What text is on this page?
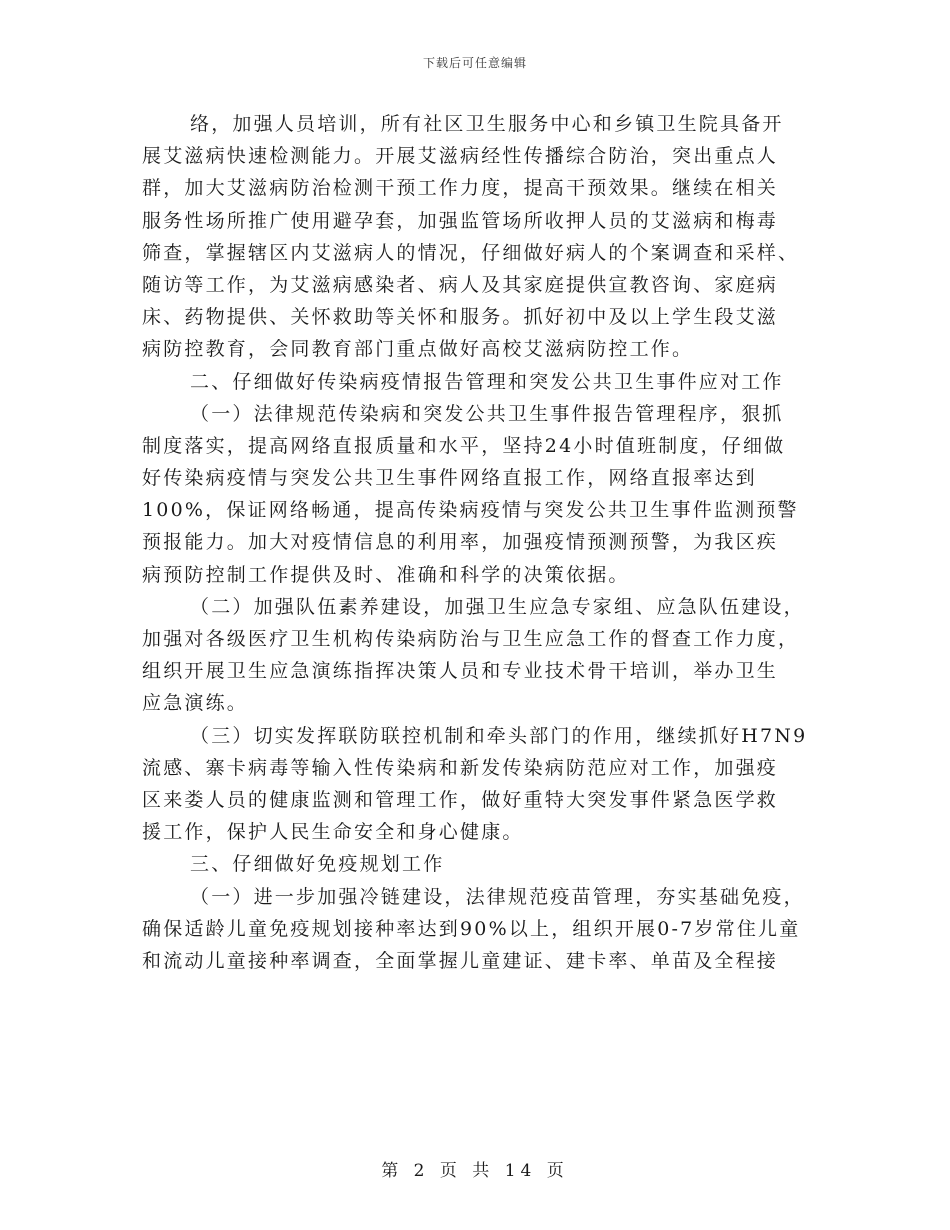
下载后可任意编辑
络，加强人员培训，所有社区卫生服务中心和乡镇卫生院具备开
展艾滋病快速检测能力。开展艾滋病经性传播综合防治，突出重点人
群，加大艾滋病防治检测干预工作力度，提高干预效果。继续在相关
服务性场所推广使用避孕套，加强监管场所收押人员的艾滋病和梅毒
筛查，掌握辖区内艾滋病人的情况，仔细做好病人的个案调查和采样、
随访等工作，为艾滋病感染者、病人及其家庭提供宣教咨询、家庭病
床、药物提供、关怀救助等关怀和服务。抓好初中及以上学生段艾滋
病防控教育，会同教育部门重点做好高校艾滋病防控工作。
二、仔细做好传染病疫情报告管理和突发公共卫生事件应对工作
（一）法律规范传染病和突发公共卫生事件报告管理程序，狠抓
制度落实，提高网络直报质量和水平，坚持24小时值班制度，仔细做
好传染病疫情与突发公共卫生事件网络直报工作，网络直报率达到
100%，保证网络畅通，提高传染病疫情与突发公共卫生事件监测预警
预报能力。加大对疫情信息的利用率，加强疫情预测预警，为我区疾
病预防控制工作提供及时、准确和科学的决策依据。
（二）加强队伍素养建设，加强卫生应急专家组、应急队伍建设，
加强对各级医疗卫生机构传染病防治与卫生应急工作的督查工作力度，
组织开展卫生应急演练指挥决策人员和专业技术骨干培训，举办卫生
应急演练。
（三）切实发挥联防联控机制和牵头部门的作用，继续抓好H7N9
流感、寨卡病毒等输入性传染病和新发传染病防范应对工作，加强疫
区来娄人员的健康监测和管理工作，做好重特大突发事件紧急医学救
援工作，保护人民生命安全和身心健康。
三、仔细做好免疫规划工作
（一）进一步加强冷链建设，法律规范疫苗管理，夯实基础免疫，
确保适龄儿童免疫规划接种率达到90%以上，组织开展0-7岁常住儿童
和流动儿童接种率调查，全面掌握儿童建证、建卡率、单苗及全程接
第 2 页 共 14 页
